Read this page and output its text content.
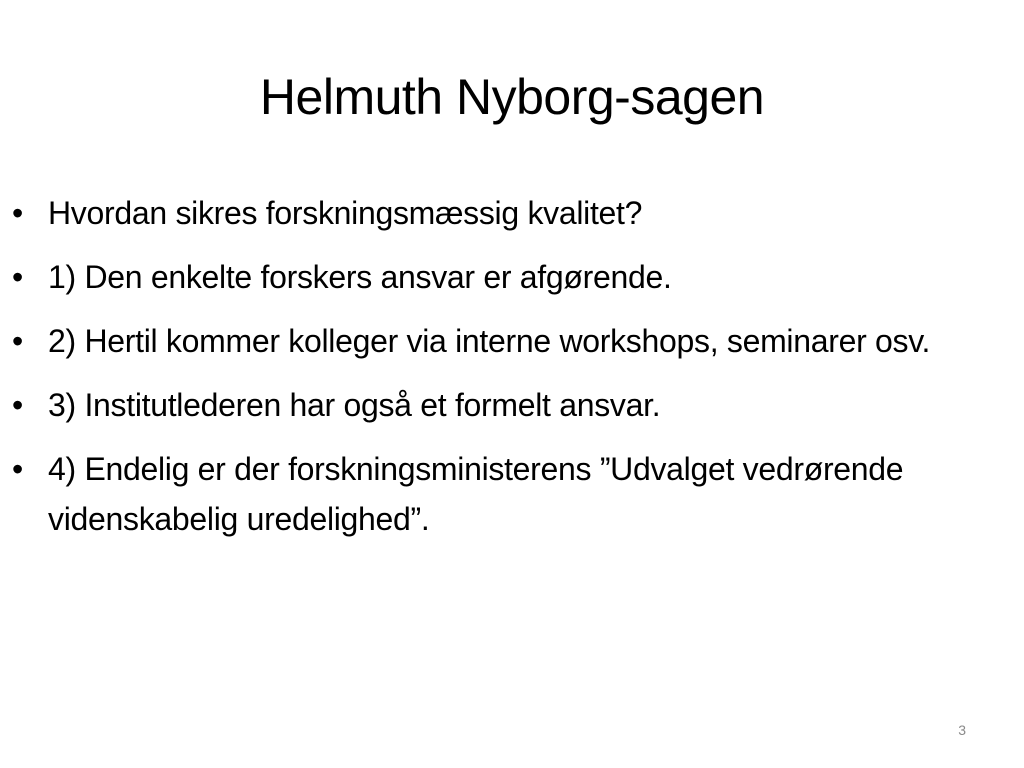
Helmuth Nyborg-sagen
• Hvordan sikres forskningsmæssig kvalitet?
• 1) Den enkelte forskers ansvar er afgørende.
• 2) Hertil kommer kolleger via interne workshops, seminarer osv.
• 3) Institutlederen har også et formelt ansvar.
• 4) Endelig er der forskningsministerens ”Udvalget vedrørende videnskabelig uredelighed”.
3
